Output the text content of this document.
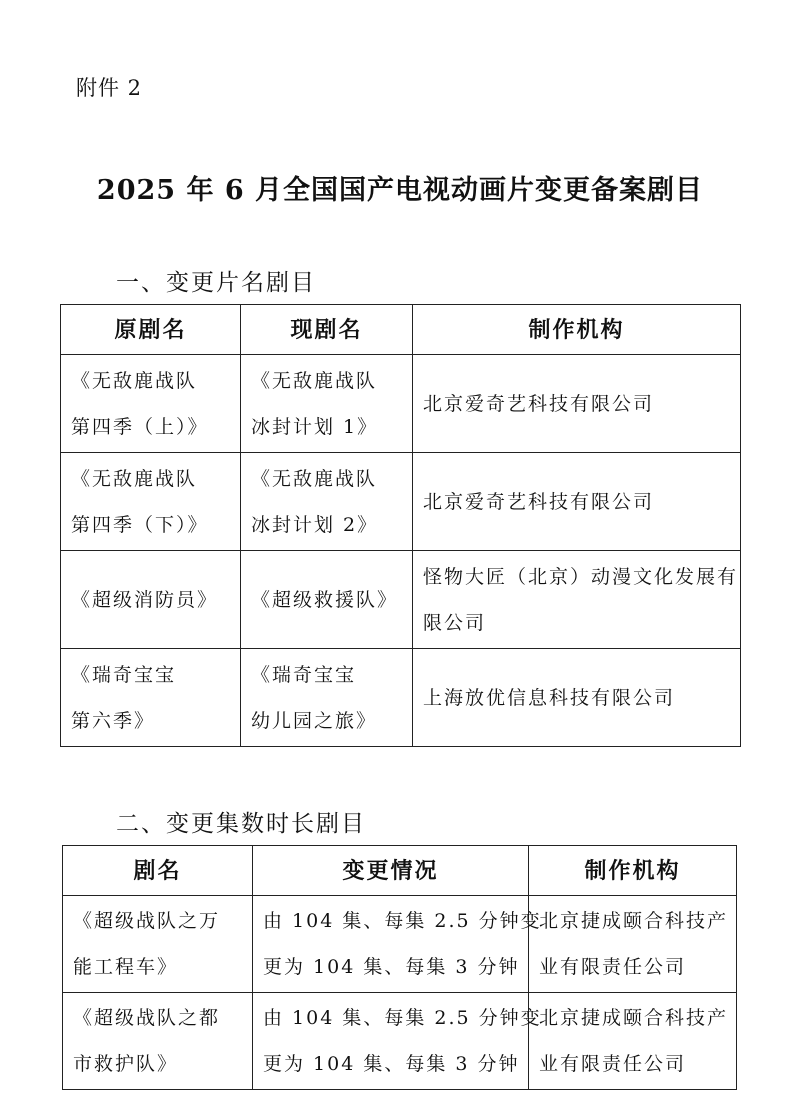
附件 2
2025 年 6 月全国国产电视动画片变更备案剧目
一、变更片名剧目
原剧名	现剧名	制作机构

《无敌鹿战队
第四季（上）》	《无敌鹿战队
冰封计划 1》	北京爱奇艺科技有限公司

《无敌鹿战队
第四季（下）》	《无敌鹿战队
冰封计划 2》	北京爱奇艺科技有限公司

《超级消防员》	《超级救援队》	怪物大匠（北京）动漫文化发展有
限公司

《瑞奇宝宝
第六季》	《瑞奇宝宝
幼儿园之旅》	上海放优信息科技有限公司
二、变更集数时长剧目
剧名	变更情况	制作机构

《超级战队之万
能工程车》	由 104 集、每集 2.5 分钟变
更为 104 集、每集 3 分钟	北京捷成颐合科技产
业有限责任公司

《超级战队之都
市救护队》	由 104 集、每集 2.5 分钟变
更为 104 集、每集 3 分钟	北京捷成颐合科技产
业有限责任公司
